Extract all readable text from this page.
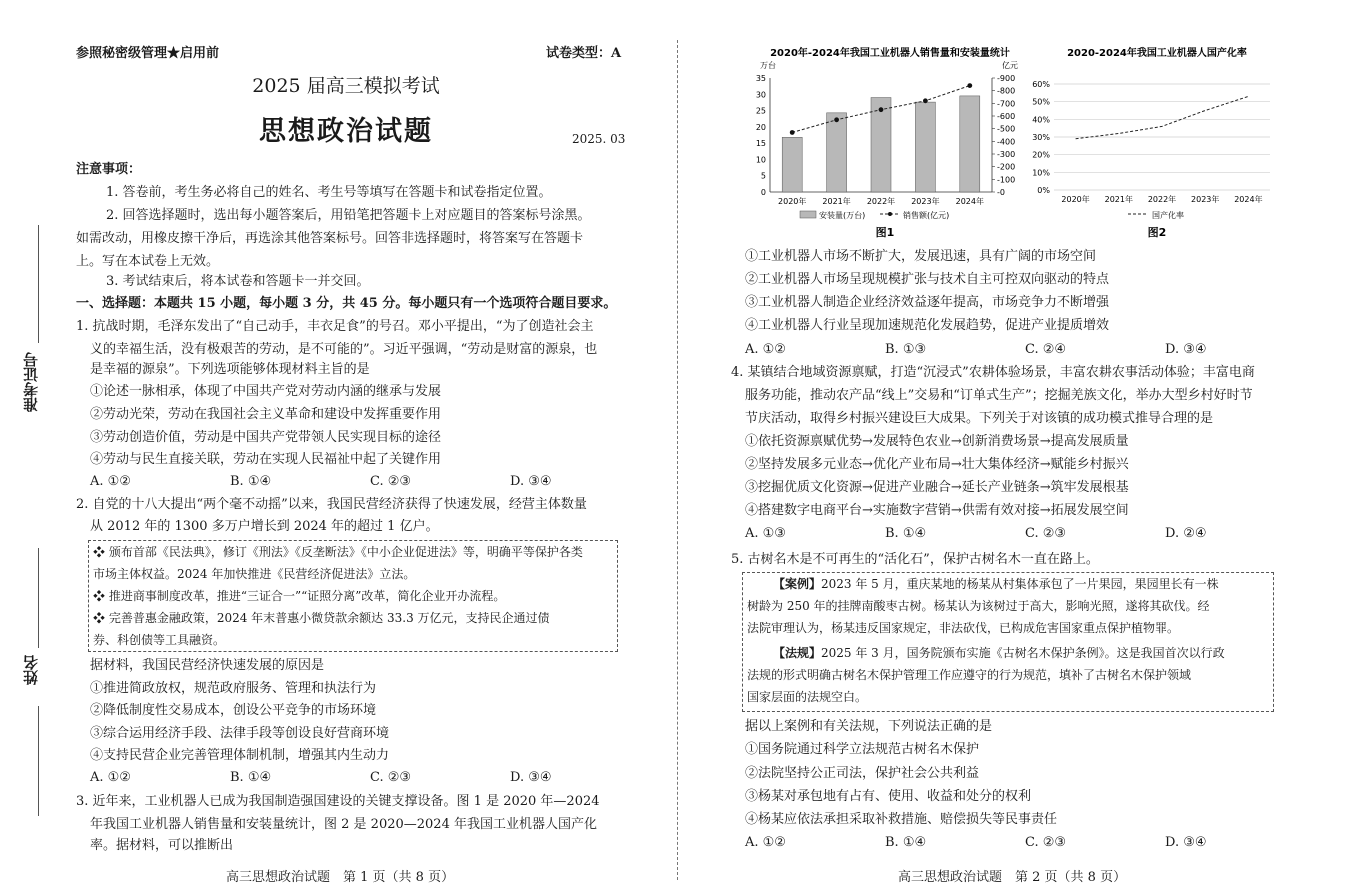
参照秘密级管理★启用前	试卷类型：A
2025 届高三模拟考试
思想政治试题	2025. 03
注意事项：
1. 答卷前，考生务必将自己的姓名、考生号等填写在答题卡和试卷指定位置。
2. 回答选择题时，选出每小题答案后，用铅笔把答题卡上对应题目的答案标号涂黑。
如需改动，用橡皮擦干净后，再选涂其他答案标号。回答非选择题时，将答案写在答题卡
上。写在本试卷上无效。
3. 考试结束后，将本试卷和答题卡一并交回。
一、选择题：本题共 15 小题，每小题 3 分，共 45 分。每小题只有一个选项符合题目要求。
1. 抗战时期，毛泽东发出了“自己动手，丰衣足食”的号召。邓小平提出，“为了创造社会主
义的幸福生活，没有极艰苦的劳动，是不可能的”。习近平强调，“劳动是财富的源泉，也
是幸福的源泉”。下列选项能够体现材料主旨的是
①论述一脉相承，体现了中国共产党对劳动内涵的继承与发展
②劳动光荣，劳动在我国社会主义革命和建设中发挥重要作用
③劳动创造价值，劳动是中国共产党带领人民实现目标的途径
④劳动与民生直接关联，劳动在实现人民福祉中起了关键作用
A. ①②	B. ①④	C. ②③	D. ③④
2. 自党的十八大提出“两个毫不动摇”以来，我国民营经济获得了快速发展，经营主体数量
从 2012 年的 1300 多万户增长到 2024 年的超过 1 亿户。
❖ 颁布首部《民法典》，修订《刑法》《反垄断法》《中小企业促进法》等，明确平等保护各类
市场主体权益。2024 年加快推进《民营经济促进法》立法。
❖ 推进商事制度改革，推进“三证合一”“证照分离”改革，简化企业开办流程。
❖ 完善普惠金融政策，2024 年末普惠小微贷款余额达 33.3 万亿元，支持民企通过债
券、科创债等工具融资。
据材料，我国民营经济快速发展的原因是
①推进简政放权，规范政府服务、管理和执法行为
②降低制度性交易成本，创设公平竞争的市场环境
③综合运用经济手段、法律手段等创设良好营商环境
④支持民营企业完善管理体制机制，增强其内生动力
A. ①②	B. ①④	C. ②③	D. ③④
3. 近年来，工业机器人已成为我国制造强国建设的关键支撑设备。图 1 是 2020 年—2024
年我国工业机器人销售量和安装量统计，图 2 是 2020—2024 年我国工业机器人国产化
率。据材料，可以推断出
高三思想政治试题　第 1 页（共 8 页）
准考证号
姓名
2020年-2024年我国工业机器人销售量和安装量统计
万台	亿元
0
5
10
15
20
25
30
35
-0
-100
-200
-300
-400
-500
-600
-700
-800
-900
2020年 2021年 2022年 2023年 2024年
安装量(万台)	销售额(亿元)
图1
2020-2024年我国工业机器人国产化率
0%
10%
20%
30%
40%
50%
60%
2020年 2021年 2022年 2023年 2024年
国产化率
图2
①工业机器人市场不断扩大，发展迅速，具有广阔的市场空间
②工业机器人市场呈现规模扩张与技术自主可控双向驱动的特点
③工业机器人制造企业经济效益逐年提高，市场竞争力不断增强
④工业机器人行业呈现加速规范化发展趋势，促进产业提质增效
A. ①②	B. ①③	C. ②④	D. ③④
4. 某镇结合地域资源禀赋，打造“沉浸式”农耕体验场景，丰富农耕农事活动体验；丰富电商
服务功能，推动农产品“线上”交易和“订单式生产”；挖掘羌族文化，举办大型乡村好时节
节庆活动，取得乡村振兴建设巨大成果。下列关于对该镇的成功模式推导合理的是
①依托资源禀赋优势→发展特色农业→创新消费场景→提高发展质量
②坚持发展多元业态→优化产业布局→壮大集体经济→赋能乡村振兴
③挖掘优质文化资源→促进产业融合→延长产业链条→筑牢发展根基
④搭建数字电商平台→实施数字营销→供需有效对接→拓展发展空间
A. ①③	B. ①④	C. ②③	D. ②④
5. 古树名木是不可再生的“活化石”，保护古树名木一直在路上。
【案例】2023 年 5 月，重庆某地的杨某从村集体承包了一片果园，果园里长有一株
树龄为 250 年的挂牌南酸枣古树。杨某认为该树过于高大，影响光照，遂将其砍伐。经
法院审理认为，杨某违反国家规定，非法砍伐，已构成危害国家重点保护植物罪。
【法规】2025 年 3 月，国务院颁布实施《古树名木保护条例》。这是我国首次以行政
法规的形式明确古树名木保护管理工作应遵守的行为规范，填补了古树名木保护领域
国家层面的法规空白。
据以上案例和有关法规，下列说法正确的是
①国务院通过科学立法规范古树名木保护
②法院坚持公正司法，保护社会公共利益
③杨某对承包地有占有、使用、收益和处分的权利
④杨某应依法承担采取补救措施、赔偿损失等民事责任
A. ①②	B. ①④	C. ②③	D. ③④
高三思想政治试题　第 2 页（共 8 页）
